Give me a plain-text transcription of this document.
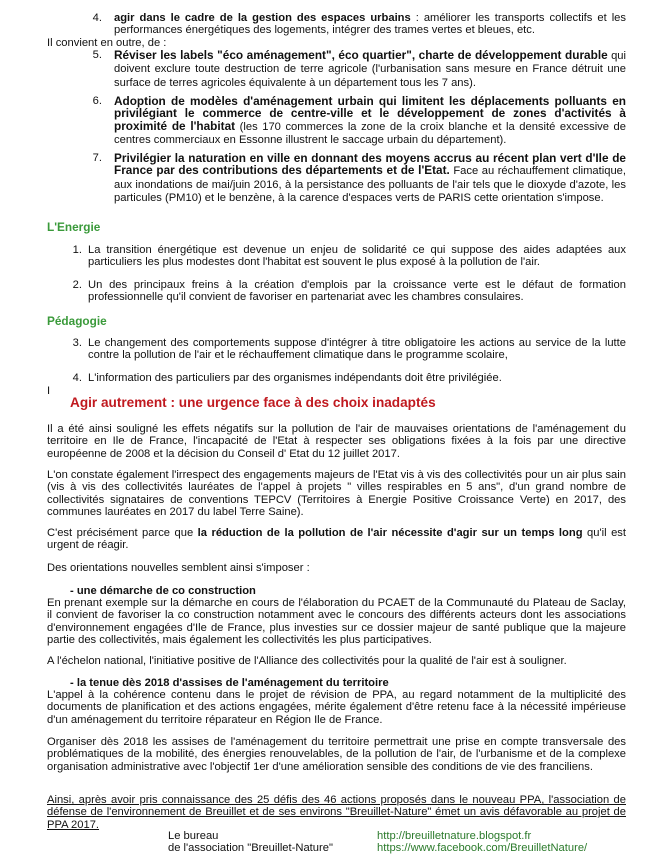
4. agir dans le cadre de la gestion des espaces urbains : améliorer les transports collectifs et les performances énergétiques des logements, intégrer des trames vertes et bleues, etc.

Il convient en outre, de :

5. Réviser les labels "éco aménagement", éco quartier", charte de développement durable qui doivent exclure toute destruction de terre agricole (l'urbanisation sans mesure en France détruit une surface de terres agricoles équivalente à un département tous les 7 ans).

6. Adoption de modèles d'aménagement urbain qui limitent les déplacements polluants en privilégiant le commerce de centre-ville et le développement de zones d'activités à proximité de l'habitat (les 170 commerces la zone de la croix blanche et la densité excessive de centres commerciaux en Essonne illustrent le saccage urbain du département).

7. Privilégier la naturation en ville en donnant des moyens accrus au récent plan vert d'Ile de France par des contributions des départements et de l'Etat. Face au réchauffement climatique, aux inondations de mai/juin 2016, à la persistance des polluants de l'air tels que le dioxyde d'azote, les particules (PM10) et le benzène, à la carence d'espaces verts de PARIS cette orientation s'impose.

L'Energie

1. La transition énergétique est devenue un enjeu de solidarité ce qui suppose des aides adaptées aux particuliers les plus modestes dont l'habitat est souvent le plus exposé à la pollution de l'air.

2. Un des principaux freins à la création d'emplois par la croissance verte est le défaut de formation professionnelle qu'il convient de favoriser en partenariat avec les chambres consulaires.

Pédagogie

3. Le changement des comportements suppose d'intégrer à titre obligatoire les actions au service de la lutte contre la pollution de l'air et le réchauffement climatique dans le programme scolaire,

4. L'information des particuliers par des organismes indépendants doit être privilégiée.

I

Agir autrement : une urgence face à des choix inadaptés

Il a été ainsi souligné les effets négatifs sur la pollution de l'air de mauvaises orientations de l'aménagement du territoire en Ile de France, l'incapacité de l'Etat à respecter ses obligations fixées à la fois par une directive européenne de 2008 et la décision du Conseil d' Etat du 12 juillet 2017.

L'on constate également l'irrespect des engagements majeurs de l'Etat vis à vis des collectivités pour un air plus sain (vis à vis des collectivités lauréates de l'appel à projets " villes respirables en 5 ans", d'un grand nombre de collectivités signataires de conventions TEPCV (Territoires à Energie Positive Croissance Verte) en 2017, des communes lauréates en 2017 du label Terre Saine).

C'est précisément parce que la réduction de la pollution de l'air nécessite d'agir sur un temps long qu'il est urgent de réagir.

Des orientations nouvelles semblent ainsi s'imposer :

- une démarche de co construction

En prenant exemple sur la démarche en cours de l'élaboration du PCAET de la Communauté du Plateau de Saclay, il convient de favoriser la co construction notamment avec le concours des différents acteurs dont les associations d'environnement engagées d'Ile de France, plus investies sur ce dossier majeur de santé publique que la majeure partie des collectivités, mais également les collectivités les plus participatives.

A l'échelon national, l'initiative positive de l'Alliance des collectivités pour la qualité de l'air est à souligner.

- la tenue dès 2018 d'assises de l'aménagement du territoire

L'appel à la cohérence contenu dans le projet de révision de PPA, au regard notamment de la multiplicité des documents de planification et des actions engagées, mérite également d'être retenu face à la nécessité impérieuse d'un aménagement du territoire réparateur en Région Ile de France.

Organiser dès 2018 les assises de l'aménagement du territoire permettrait une prise en compte transversale des problématiques de la mobilité, des énergies renouvelables, de la pollution de l'air, de l'urbanisme et de la complexe organisation administrative avec l'objectif 1er d'une amélioration sensible des conditions de vie des franciliens.

Ainsi, après avoir pris connaissance des 25 défis des 46 actions proposés dans le nouveau PPA, l'association de défense de l'environnement de Breuillet et de ses environs "Breuillet-Nature" émet un avis défavorable au projet de PPA 2017.

Le bureau

de l'association "Breuillet-Nature"

http://breuilletnature.blogspot.fr

https://www.facebook.com/BreuilletNature/
